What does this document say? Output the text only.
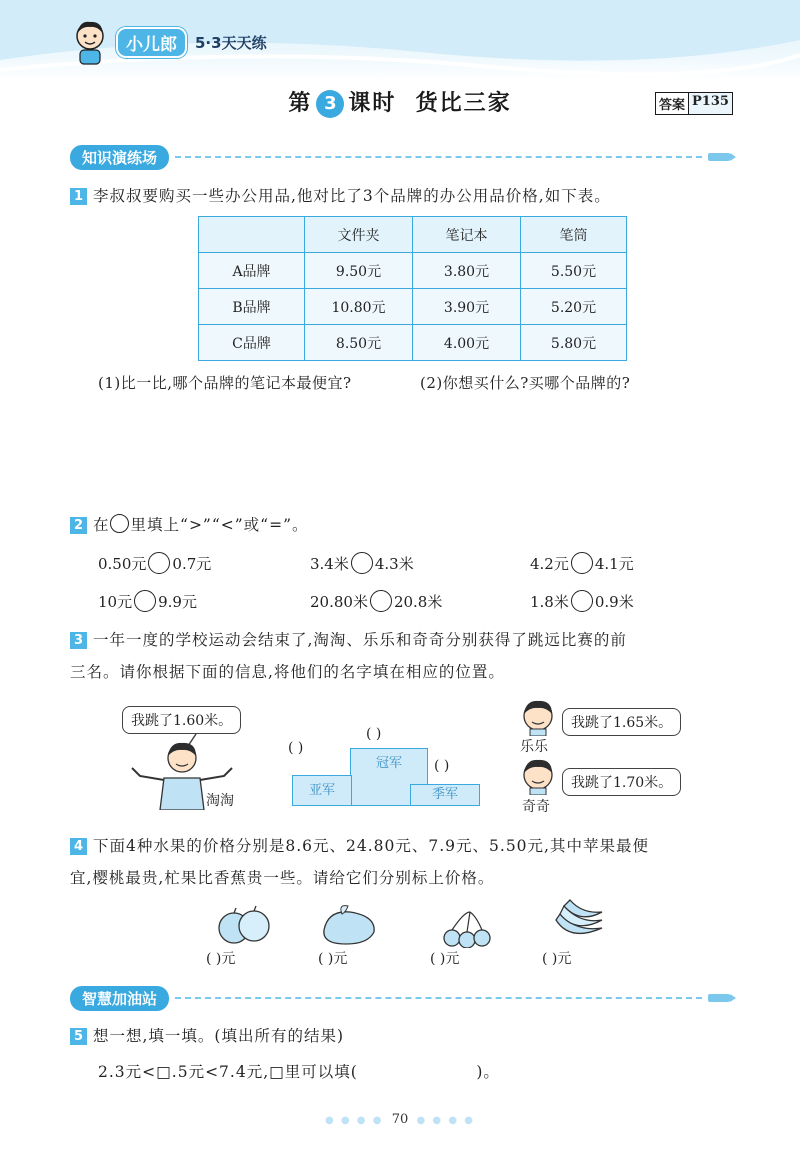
小儿郎	5·3天天练
第 3 课时  货比三家	答案 P135
知识演练场
1 李叔叔要购买一些办公用品,他对比了3个品牌的办公用品价格,如下表。
	文件夹	笔记本	笔筒
A品牌	9.50元	3.80元	5.50元
B品牌	10.80元	3.90元	5.20元
C品牌	8.50元	4.00元	5.80元
(1)比一比,哪个品牌的笔记本最便宜?	(2)你想买什么?买哪个品牌的?
2 在 里填上“>”“<”或“=”。
0.50元 0.7元	3.4米 4.3米	4.2元 4.1元
10元 9.9元	20.80米 20.8米	1.8米 0.9米
3 一年一度的学校运动会结束了,淘淘、乐乐和奇奇分别获得了跳远比赛的前
三名。请你根据下面的信息,将他们的名字填在相应的位置。
我跳了1.60米。
淘淘
( )
( )
( )
冠军
亚军	季军
乐乐
我跳了1.65米。
奇奇
我跳了1.70米。
4 下面4种水果的价格分别是8.6元、24.80元、7.9元、5.50元,其中苹果最便
宜,樱桃最贵,杧果比香蕉贵一些。请给它们分别标上价格。
( )元	( )元	( )元	( )元
智慧加油站
5 想一想,填一填。(填出所有的结果)
2.3元<□.5元<7.4元,□里可以填(                    )。
● ● ● ● 70 ● ● ● ●
